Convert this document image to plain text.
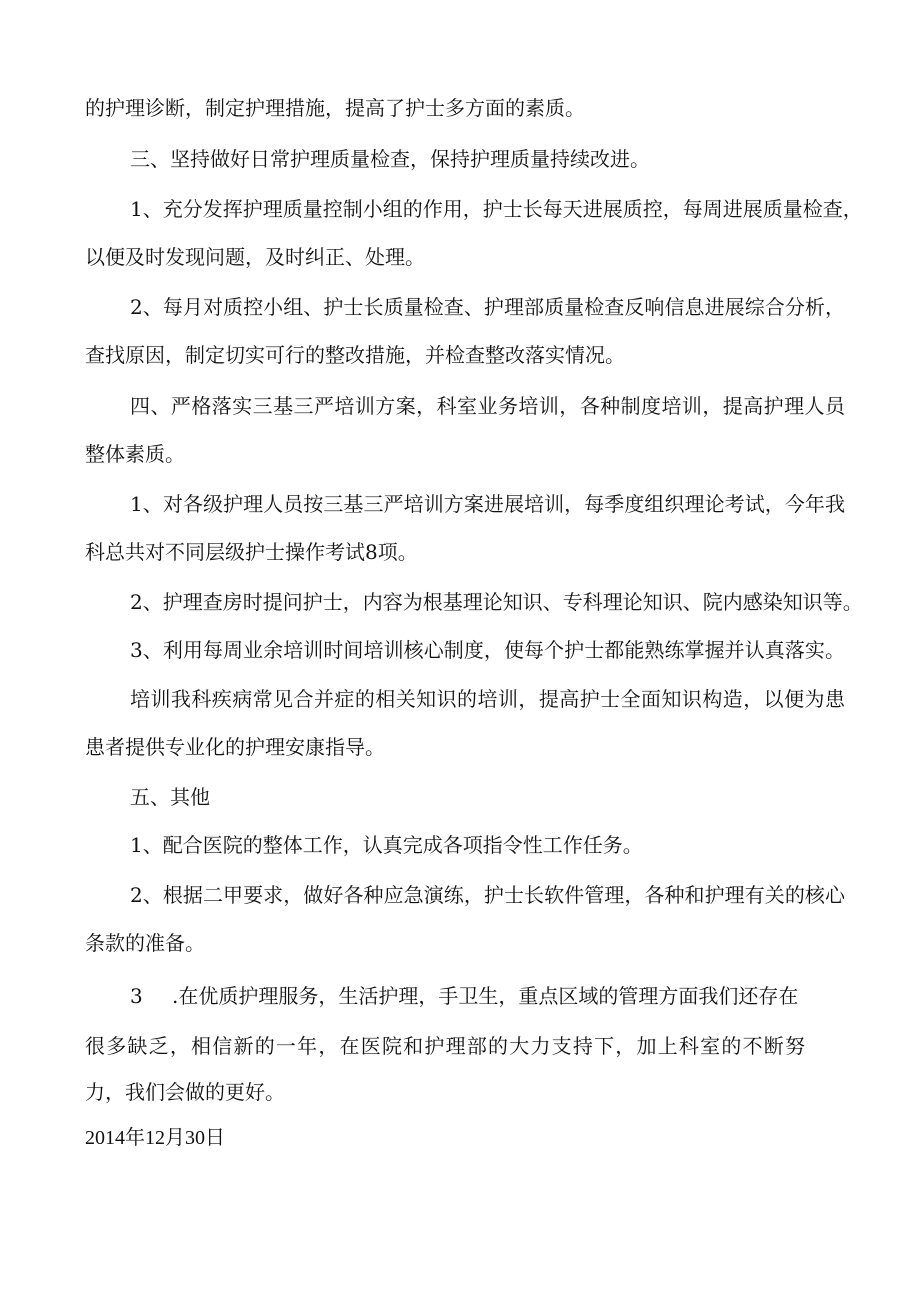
的护理诊断，制定护理措施，提高了护士多方面的素质。
三、坚持做好日常护理质量检查，保持护理质量持续改进。
1、充分发挥护理质量控制小组的作用，护士长每天进展质控，每周进展质量检查，
以便及时发现问题，及时纠正、处理。
2、每月对质控小组、护士长质量检查、护理部质量检查反响信息进展综合分析，
查找原因，制定切实可行的整改措施，并检查整改落实情况。
四、严格落实三基三严培训方案，科室业务培训，各种制度培训，提高护理人员
整体素质。
1、对各级护理人员按三基三严培训方案进展培训，每季度组织理论考试，今年我
科总共对不同层级护士操作考试8项。
2、护理查房时提问护士，内容为根基理论知识、专科理论知识、院内感染知识等。
3、利用每周业余培训时间培训核心制度，使每个护士都能熟练掌握并认真落实。
培训我科疾病常见合并症的相关知识的培训，提高护士全面知识构造，以便为患
患者提供专业化的护理安康指导。
五、其他
1、配合医院的整体工作，认真完成各项指令性工作任务。
2、根据二甲要求，做好各种应急演练，护士长软件管理，各种和护理有关的核心
条款的准备。
3 .在优质护理服务，生活护理，手卫生，重点区域的管理方面我们还存在
很多缺乏，相信新的一年，在医院和护理部的大力支持下，加上科室的不断努
力，我们会做的更好。
2014年12月30日
